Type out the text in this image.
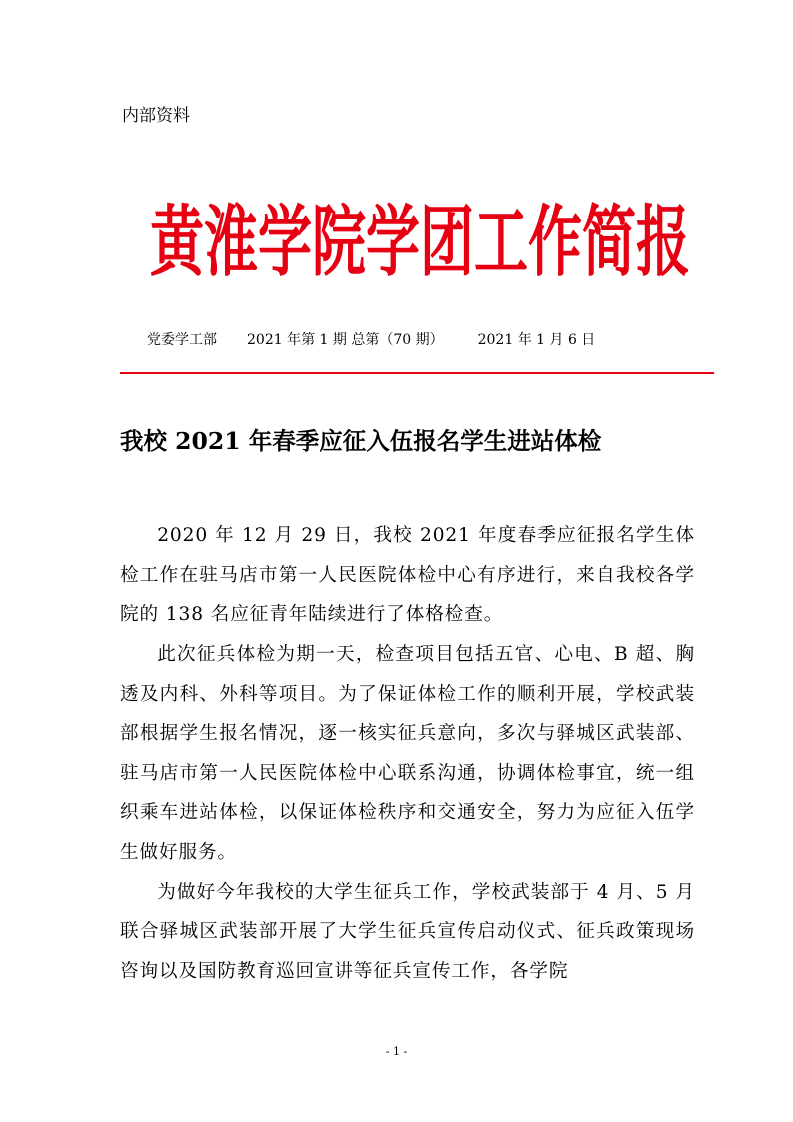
内部资料
黄 淮 学 院 学 团 工 作 简 报
党委学工部 2021 年第 1 期 总第（70 期） 2021 年 1 月 6 日
我校 2021 年春季应征入伍报名学生进站体检

2020 年 12 月 29 日，我校 2021 年度春季应征报名学生体检工作在驻马店市第一人民医院体检中心有序进行，来自我校各学院的 138 名应征青年陆续进行了体格检查。

此次征兵体检为期一天，检查项目包括五官、心电、B 超、胸透及内科、外科等项目。为了保证体检工作的顺利开展，学校武装部根据学生报名情况，逐一核实征兵意向，多次与驿城区武装部、驻马店市第一人民医院体检中心联系沟通，协调体检事宜，统一组织乘车进站体检，以保证体检秩序和交通安全，努力为应征入伍学生做好服务。

为做好今年我校的大学生征兵工作，学校武装部于 4 月、5 月联合驿城区武装部开展了大学生征兵宣传启动仪式、征兵政策现场咨询以及国防教育巡回宣讲等征兵宣传工作，各学院

- 1 -
